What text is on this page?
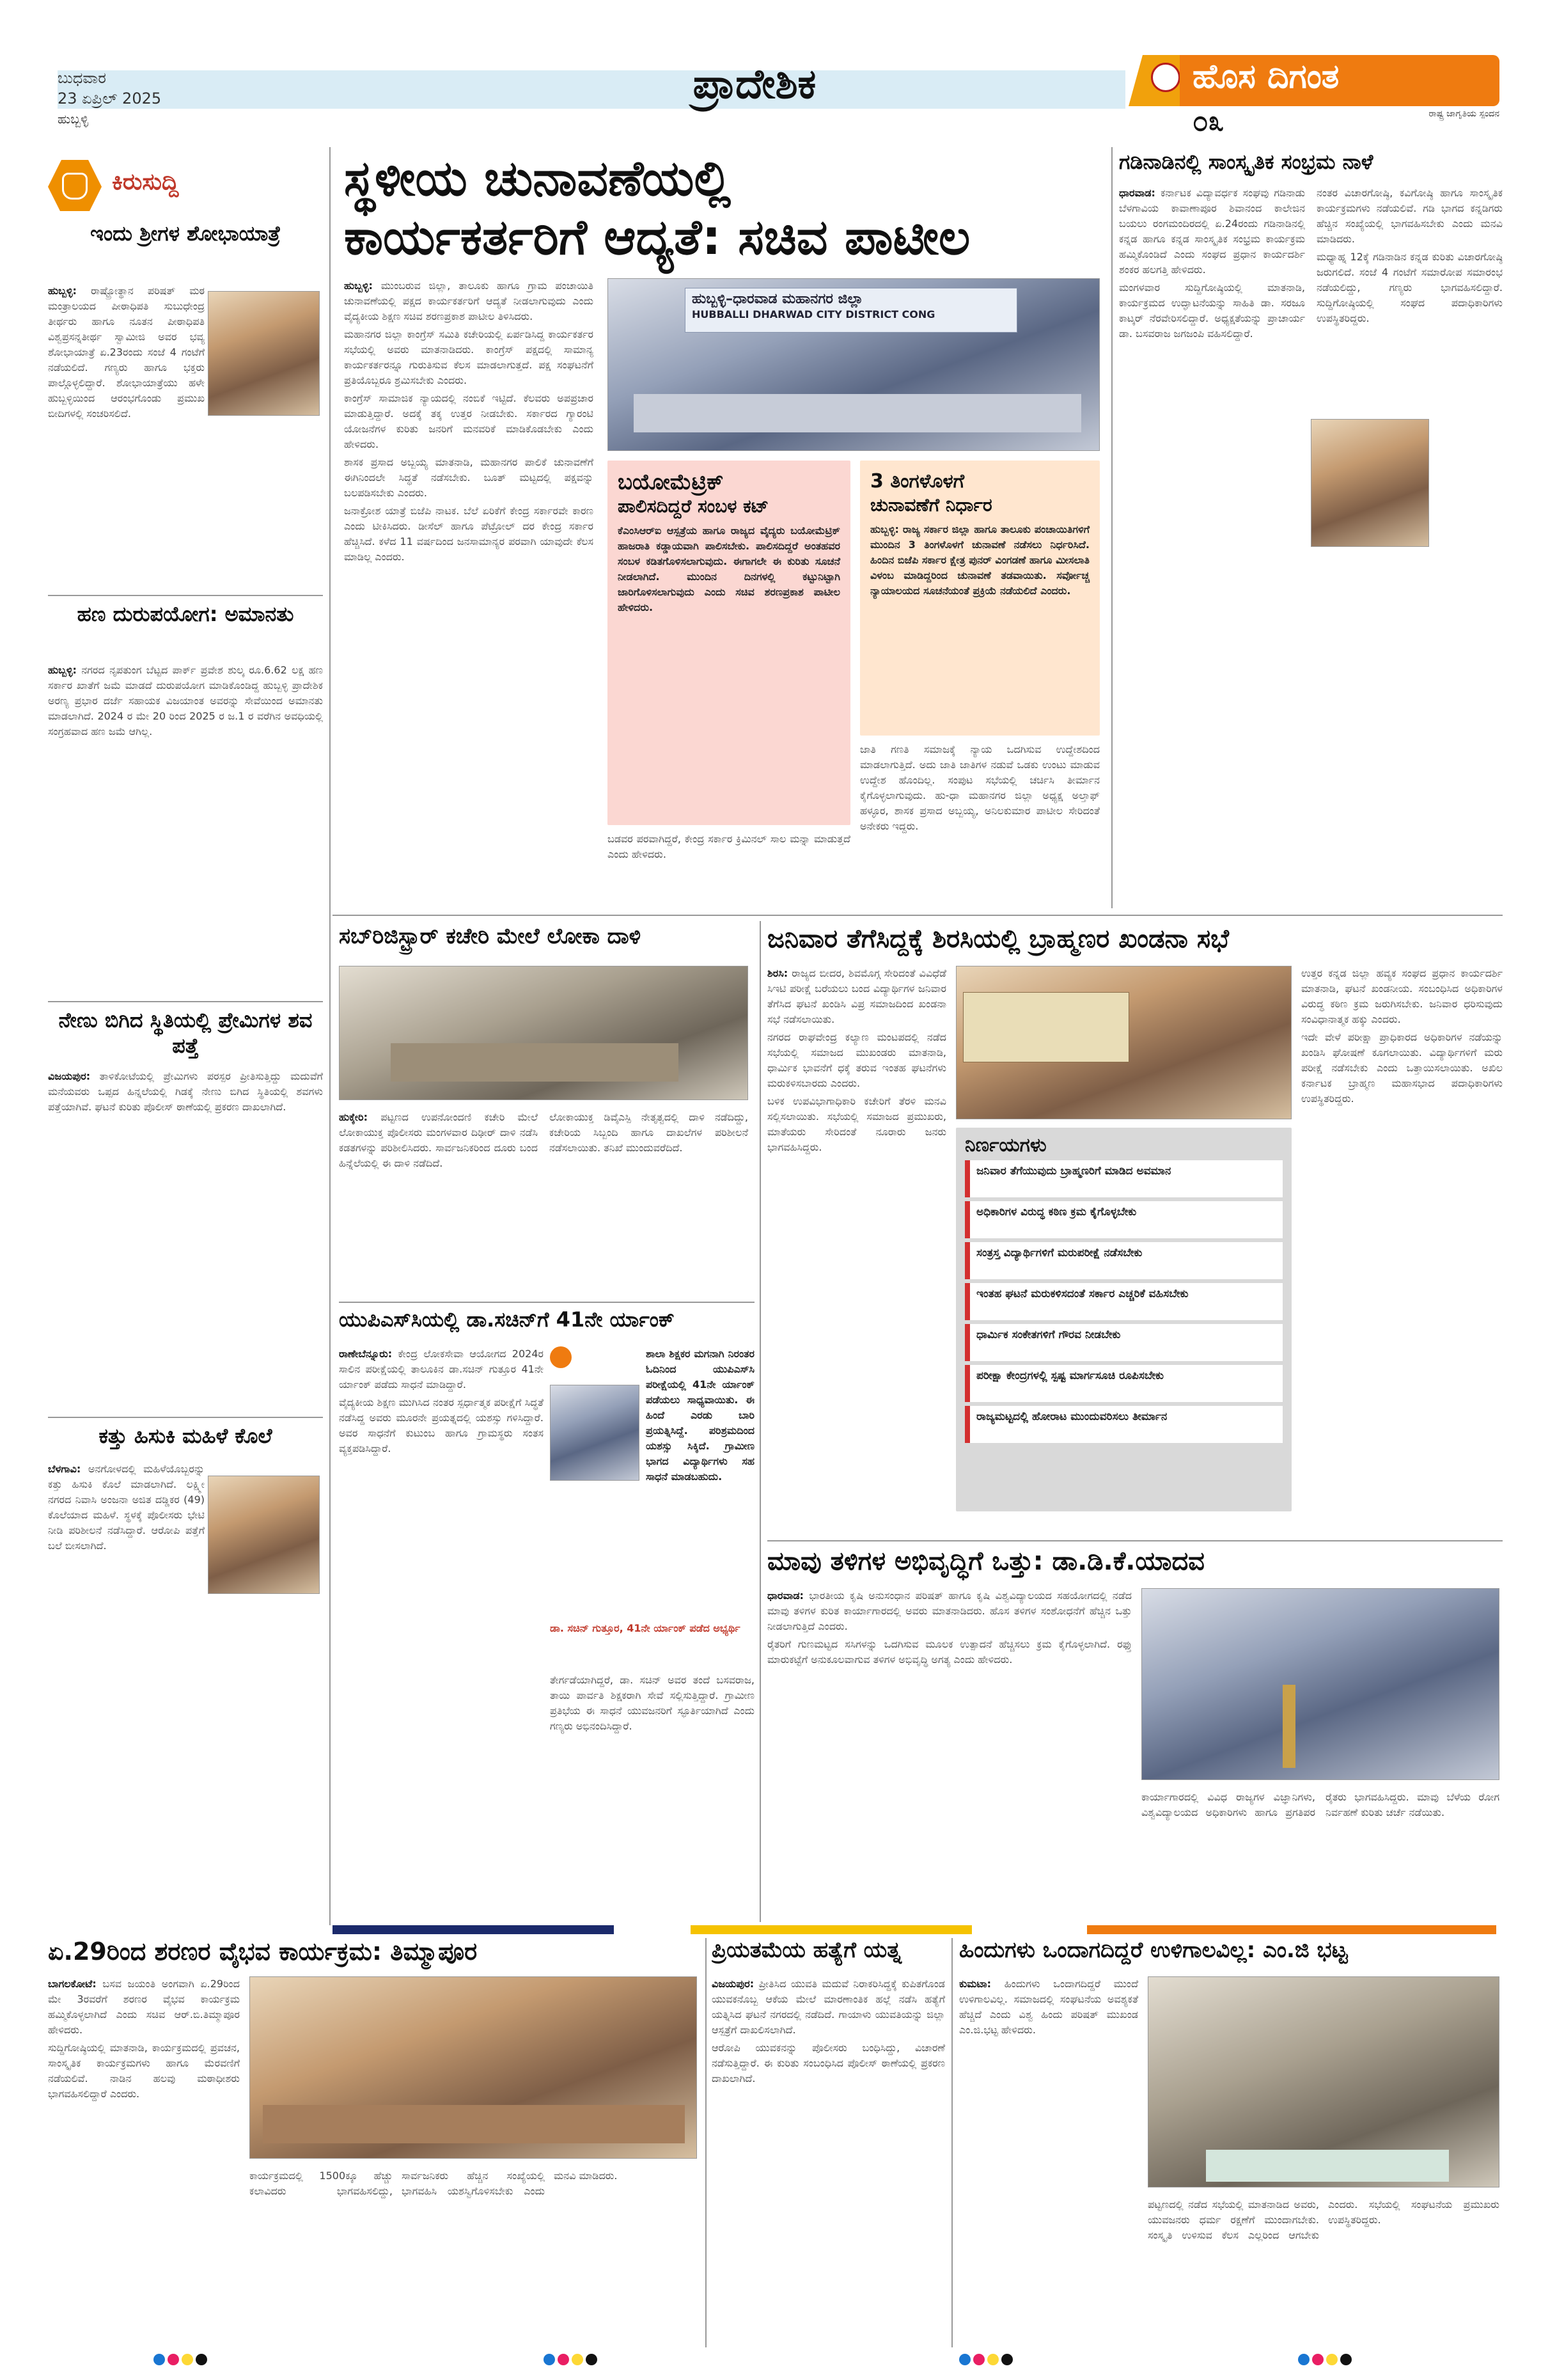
ಬುಧವಾರ
23 ಏಪ್ರಿಲ್ 2025
ಹುಬ್ಬಳ್ಳಿ
ಪ್ರಾದೇಶಿಕ	ಹೊಸ ದಿಗಂತ
ರಾಷ್ಟ್ರ ಜಾಗೃತಿಯ ಸ್ಪಂದನ
೦೩
ಕಿರುಸುದ್ದಿ
ಇಂದು ಶ್ರೀಗಳ ಶೋಭಾಯಾತ್ರೆ
ಹುಬ್ಬಳ್ಳಿ: ರಾಷ್ಟ್ರೋತ್ಥಾನ ಪರಿಷತ್ ಮಠ ಮಂತ್ರಾಲಯದ ಪೀಠಾಧಿಪತಿ ಸುಬುಧೇಂದ್ರ ತೀರ್ಥರು ಹಾಗೂ ನೂತನ ಪೀಠಾಧಿಪತಿ ವಿಶ್ವಪ್ರಸನ್ನತೀರ್ಥ ಸ್ವಾಮೀಜಿ ಅವರ ಭವ್ಯ ಶೋಭಾಯಾತ್ರೆ ಏ.23ರಂದು ಸಂಜೆ 4 ಗಂಟೆಗೆ ನಡೆಯಲಿದೆ. ಗಣ್ಯರು ಹಾಗೂ ಭಕ್ತರು ಪಾಲ್ಗೊಳ್ಳಲಿದ್ದಾರೆ. ಶೋಭಾಯಾತ್ರೆಯು ಹಳೇ ಹುಬ್ಬಳ್ಳಿಯಿಂದ ಆರಂಭಗೊಂಡು ಪ್ರಮುಖ ಬೀದಿಗಳಲ್ಲಿ ಸಂಚರಿಸಲಿದೆ.
ಹಣ ದುರುಪಯೋಗ: ಅಮಾನತು
ಹುಬ್ಬಳ್ಳಿ: ನಗರದ ನೃಪತುಂಗ ಬೆಟ್ಟದ ಪಾರ್ಕ್ ಪ್ರವೇಶ ಶುಲ್ಕ ರೂ.6.62 ಲಕ್ಷ ಹಣ ಸರ್ಕಾರ ಖಾತೆಗೆ ಜಮೆ ಮಾಡದೆ ದುರುಪಯೋಗ ಮಾಡಿಕೊಂಡಿದ್ದ ಹುಬ್ಬಳ್ಳಿ ಪ್ರಾದೇಶಿಕ ಅರಣ್ಯ ಪ್ರಭಾರ ದರ್ಜೆ ಸಹಾಯಕ ವಿಜಯಾಂತ ಅವರನ್ನು ಸೇವೆಯಿಂದ ಅಮಾನತು ಮಾಡಲಾಗಿದೆ. 2024 ರ ಮೇ 20 ರಿಂದ 2025 ರ ಜ.1 ರ ವರೆಗಿನ ಅವಧಿಯಲ್ಲಿ ಸಂಗ್ರಹವಾದ ಹಣ ಜಮೆ ಆಗಿಲ್ಲ.
ನೇಣು ಬಿಗಿದ ಸ್ಥಿತಿಯಲ್ಲಿ ಪ್ರೇಮಿಗಳ ಶವ ಪತ್ತೆ
ವಿಜಯಪುರ: ತಾಳಿಕೋಟೆಯಲ್ಲಿ ಪ್ರೇಮಿಗಳು ಪರಸ್ಪರ ಪ್ರೀತಿಸುತ್ತಿದ್ದು ಮದುವೆಗೆ ಮನೆಯವರು ಒಪ್ಪದ ಹಿನ್ನಲೆಯಲ್ಲಿ ಗಿಡಕ್ಕೆ ನೇಣು ಬಿಗಿದ ಸ್ಥಿತಿಯಲ್ಲಿ ಶವಗಳು ಪತ್ತೆಯಾಗಿವೆ. ಘಟನೆ ಕುರಿತು ಪೊಲೀಸ್ ಠಾಣೆಯಲ್ಲಿ ಪ್ರಕರಣ ದಾಖಲಾಗಿದೆ.
ಕತ್ತು ಹಿಸುಕಿ ಮಹಿಳೆ ಕೊಲೆ
ಬೆಳಗಾವಿ: ಅನಗೋಳದಲ್ಲಿ ಮಹಿಳೆಯೊಬ್ಬರನ್ನು ಕತ್ತು ಹಿಸುಕಿ ಕೊಲೆ ಮಾಡಲಾಗಿದೆ. ಲಕ್ಷ್ಮೀ ನಗರದ ನಿವಾಸಿ ಅಂಜನಾ ಅಜಿತ ದಡ್ಡಿಕರ (49) ಕೊಲೆಯಾದ ಮಹಿಳೆ. ಸ್ಥಳಕ್ಕೆ ಪೊಲೀಸರು ಭೇಟಿ ನೀಡಿ ಪರಿಶೀಲನೆ ನಡೆಸಿದ್ದಾರೆ. ಆರೋಪಿ ಪತ್ತೆಗೆ ಬಲೆ ಬೀಸಲಾಗಿದೆ.
ಸ್ಥಳೀಯ ಚುನಾವಣೆಯಲ್ಲಿ
ಕಾರ್ಯಕರ್ತರಿಗೆ ಆದ್ಯತೆ: ಸಚಿವ ಪಾಟೀಲ

ಹುಬ್ಬಳ್ಳಿ: ಮುಂಬರುವ ಜಿಲ್ಲಾ, ತಾಲೂಕು ಹಾಗೂ ಗ್ರಾಮ ಪಂಚಾಯಿತಿ ಚುನಾವಣೆಯಲ್ಲಿ ಪಕ್ಷದ ಕಾರ್ಯಕರ್ತರಿಗೆ ಆದ್ಯತೆ ನೀಡಲಾಗುವುದು ಎಂದು ವೈದ್ಯಕೀಯ ಶಿಕ್ಷಣ ಸಚಿವ ಶರಣಪ್ರಕಾಶ ಪಾಟೀಲ ತಿಳಿಸಿದರು.

ಮಹಾನಗರ ಜಿಲ್ಲಾ ಕಾಂಗ್ರೆಸ್ ಸಮಿತಿ ಕಚೇರಿಯಲ್ಲಿ ಏರ್ಪಡಿಸಿದ್ದ ಕಾರ್ಯಕರ್ತರ ಸಭೆಯಲ್ಲಿ ಅವರು ಮಾತನಾಡಿದರು. ಕಾಂಗ್ರೆಸ್ ಪಕ್ಷದಲ್ಲಿ ಸಾಮಾನ್ಯ ಕಾರ್ಯಕರ್ತರನ್ನೂ ಗುರುತಿಸುವ ಕೆಲಸ ಮಾಡಲಾಗುತ್ತದೆ. ಪಕ್ಷ ಸಂಘಟನೆಗೆ ಪ್ರತಿಯೊಬ್ಬರೂ ಶ್ರಮಿಸಬೇಕು ಎಂದರು.

ಕಾಂಗ್ರೆಸ್ ಸಾಮಾಜಿಕ ನ್ಯಾಯದಲ್ಲಿ ನಂಬಿಕೆ ಇಟ್ಟಿದೆ. ಕೆಲವರು ಅಪಪ್ರಚಾರ ಮಾಡುತ್ತಿದ್ದಾರೆ. ಅದಕ್ಕೆ ತಕ್ಕ ಉತ್ತರ ನೀಡಬೇಕು. ಸರ್ಕಾರದ ಗ್ಯಾರಂಟಿ ಯೋಜನೆಗಳ ಕುರಿತು ಜನರಿಗೆ ಮನವರಿಕೆ ಮಾಡಿಕೊಡಬೇಕು ಎಂದು ಹೇಳಿದರು.

ಶಾಸಕ ಪ್ರಸಾದ ಅಬ್ಬಯ್ಯ ಮಾತನಾಡಿ, ಮಹಾನಗರ ಪಾಲಿಕೆ ಚುನಾವಣೆಗೆ ಈಗಿನಿಂದಲೇ ಸಿದ್ಧತೆ ನಡೆಸಬೇಕು. ಬೂತ್ ಮಟ್ಟದಲ್ಲಿ ಪಕ್ಷವನ್ನು ಬಲಪಡಿಸಬೇಕು ಎಂದರು.

ಜನಾಕ್ರೋಶ ಯಾತ್ರೆ ಬಿಜೆಪಿ ನಾಟಕ. ಬೆಲೆ ಏರಿಕೆಗೆ ಕೇಂದ್ರ ಸರ್ಕಾರವೇ ಕಾರಣ ಎಂದು ಟೀಕಿಸಿದರು. ಡೀಸೆಲ್ ಹಾಗೂ ಪೆಟ್ರೋಲ್ ದರ ಕೇಂದ್ರ ಸರ್ಕಾರ ಹೆಚ್ಚಿಸಿದೆ. ಕಳೆದ 11 ವರ್ಷದಿಂದ ಜನಸಾಮಾನ್ಯರ ಪರವಾಗಿ ಯಾವುದೇ ಕೆಲಸ ಮಾಡಿಲ್ಲ ಎಂದರು.

ಹುಬ್ಬಳ್ಳಿ–ಧಾರವಾಡ ಮಹಾನಗರ ಜಿಲ್ಲಾ
HUBBALLI DHARWAD CITY DISTRICT CONG
ಬಯೋಮೆಟ್ರಿಕ್
ಪಾಲಿಸದಿದ್ದರೆ ಸಂಬಳ ಕಟ್
ಕೆಎಂಸಿಆರ್‌ಐ ಆಸ್ಪತ್ರೆಯ ಹಾಗೂ ರಾಜ್ಯದ ವೈದ್ಯರು ಬಯೋಮೆಟ್ರಿಕ್ ಹಾಜರಾತಿ ಕಡ್ಡಾಯವಾಗಿ ಪಾಲಿಸಬೇಕು. ಪಾಲಿಸದಿದ್ದರೆ ಅಂತಹವರ ಸಂಬಳ ಕಡಿತಗೊಳಿಸಲಾಗುವುದು. ಈಗಾಗಲೇ ಈ ಕುರಿತು ಸೂಚನೆ ನೀಡಲಾಗಿದೆ. ಮುಂದಿನ ದಿನಗಳಲ್ಲಿ ಕಟ್ಟುನಿಟ್ಟಾಗಿ ಜಾರಿಗೊಳಿಸಲಾಗುವುದು ಎಂದು ಸಚಿವ ಶರಣಪ್ರಕಾಶ ಪಾಟೀಲ ಹೇಳಿದರು.
3 ತಿಂಗಳೊಳಗೆ
ಚುನಾವಣೆಗೆ ನಿರ್ಧಾರ
ಹುಬ್ಬಳ್ಳಿ: ರಾಜ್ಯ ಸರ್ಕಾರ ಜಿಲ್ಲಾ ಹಾಗೂ ತಾಲೂಕು ಪಂಚಾಯಿತಿಗಳಿಗೆ ಮುಂದಿನ 3 ತಿಂಗಳೊಳಗೆ ಚುನಾವಣೆ ನಡೆಸಲು ನಿರ್ಧರಿಸಿದೆ. ಹಿಂದಿನ ಬಿಜೆಪಿ ಸರ್ಕಾರ ಕ್ಷೇತ್ರ ಪುನರ್ ವಿಂಗಡಣೆ ಹಾಗೂ ಮೀಸಲಾತಿ ವಿಳಂಬ ಮಾಡಿದ್ದರಿಂದ ಚುನಾವಣೆ ತಡವಾಯಿತು. ಸರ್ವೋಚ್ಚ ನ್ಯಾಯಾಲಯದ ಸೂಚನೆಯಂತೆ ಪ್ರಕ್ರಿಯೆ ನಡೆಯಲಿದೆ ಎಂದರು.
ಜಾತಿ ಗಣತಿ ಸಮಾಜಕ್ಕೆ ನ್ಯಾಯ ಒದಗಿಸುವ ಉದ್ದೇಶದಿಂದ ಮಾಡಲಾಗುತ್ತಿದೆ. ಅದು ಜಾತಿ ಜಾತಿಗಳ ನಡುವೆ ಒಡಕು ಉಂಟು ಮಾಡುವ ಉದ್ದೇಶ ಹೊಂದಿಲ್ಲ. ಸಂಪುಟ ಸಭೆಯಲ್ಲಿ ಚರ್ಚಿಸಿ ತೀರ್ಮಾನ ಕೈಗೊಳ್ಳಲಾಗುವುದು. ಹು-ಧಾ ಮಹಾನಗರ ಜಿಲ್ಲಾ ಅಧ್ಯಕ್ಷ ಅಲ್ತಾಫ್ ಹಳ್ಳೂರ, ಶಾಸಕ ಪ್ರಸಾದ ಅಬ್ಬಯ್ಯ, ಅನಿಲಕುಮಾರ ಪಾಟೀಲ ಸೇರಿದಂತೆ ಅನೇಕರು ಇದ್ದರು.
ಬಡವರ ಪರವಾಗಿದ್ದರೆ, ಕೇಂದ್ರ ಸರ್ಕಾರ ಕ್ರಿಮಿನಲ್ ಸಾಲ ಮನ್ನಾ ಮಾಡುತ್ತದೆ ಎಂದು ಹೇಳಿದರು.
ಗಡಿನಾಡಿನಲ್ಲಿ ಸಾಂಸ್ಕೃತಿಕ ಸಂಭ್ರಮ ನಾಳೆ

ಧಾರವಾಡ: ಕರ್ನಾಟಕ ವಿದ್ಯಾವರ್ಧಕ ಸಂಘವು ಗಡಿನಾಡು ಬೆಳಗಾವಿಯ ಕಾವಾಣಾಪೂರ ಶಿವಾನಂದ ಕಾಲೇಜಿನ ಬಯಲು ರಂಗಮಂದಿರದಲ್ಲಿ ಏ.24ರಂದು ಗಡಿನಾಡಿನಲ್ಲಿ ಕನ್ನಡ ಹಾಗೂ ಕನ್ನಡ ಸಾಂಸ್ಕೃತಿಕ ಸಂಭ್ರಮ ಕಾರ್ಯಕ್ರಮ ಹಮ್ಮಿಕೊಂಡಿದೆ ಎಂದು ಸಂಘದ ಪ್ರಧಾನ ಕಾರ್ಯದರ್ಶಿ ಶಂಕರ ಹಲಗತ್ತಿ ಹೇಳಿದರು.

ಮಂಗಳವಾರ ಸುದ್ದಿಗೋಷ್ಠಿಯಲ್ಲಿ ಮಾತನಾಡಿ, ಕಾರ್ಯಕ್ರಮದ ಉದ್ಘಾಟನೆಯನ್ನು ಸಾಹಿತಿ ಡಾ. ಸರಜೂ ಕಾಟ್ಕರ್ ನೆರವೇರಿಸಲಿದ್ದಾರೆ. ಅಧ್ಯಕ್ಷತೆಯನ್ನು ಪ್ರಾಚಾರ್ಯ ಡಾ. ಬಸವರಾಜ ಜಗಜಂಪಿ ವಹಿಸಲಿದ್ದಾರೆ.

ನಂತರ ವಿಚಾರಗೋಷ್ಠಿ, ಕವಿಗೋಷ್ಠಿ ಹಾಗೂ ಸಾಂಸ್ಕೃತಿಕ ಕಾರ್ಯಕ್ರಮಗಳು ನಡೆಯಲಿವೆ. ಗಡಿ ಭಾಗದ ಕನ್ನಡಿಗರು ಹೆಚ್ಚಿನ ಸಂಖ್ಯೆಯಲ್ಲಿ ಭಾಗವಹಿಸಬೇಕು ಎಂದು ಮನವಿ ಮಾಡಿದರು.

ಮಧ್ಯಾಹ್ನ 12ಕ್ಕೆ ಗಡಿನಾಡಿನ ಕನ್ನಡ ಕುರಿತು ವಿಚಾರಗೋಷ್ಠಿ ಜರುಗಲಿದೆ. ಸಂಜೆ 4 ಗಂಟೆಗೆ ಸಮಾರೋಪ ಸಮಾರಂಭ ನಡೆಯಲಿದ್ದು, ಗಣ್ಯರು ಭಾಗವಹಿಸಲಿದ್ದಾರೆ. ಸುದ್ದಿಗೋಷ್ಠಿಯಲ್ಲಿ ಸಂಘದ ಪದಾಧಿಕಾರಿಗಳು ಉಪಸ್ಥಿತರಿದ್ದರು.

ಸಬ್‌ರಿಜಿಸ್ಟ್ರಾರ್ ಕಚೇರಿ ಮೇಲೆ ಲೋಕಾ ದಾಳಿ

ಹುಕ್ಕೇರಿ: ಪಟ್ಟಣದ ಉಪನೋಂದಣಿ ಕಚೇರಿ ಮೇಲೆ ಲೋಕಾಯುಕ್ತ ಪೊಲೀಸರು ಮಂಗಳವಾರ ದಿಢೀರ್ ದಾಳಿ ನಡೆಸಿ ಕಡತಗಳನ್ನು ಪರಿಶೀಲಿಸಿದರು. ಸಾರ್ವಜನಿಕರಿಂದ ದೂರು ಬಂದ ಹಿನ್ನೆಲೆಯಲ್ಲಿ ಈ ದಾಳಿ ನಡೆದಿದೆ.

ಲೋಕಾಯುಕ್ತ ಡಿವೈಎಸ್ಪಿ ನೇತೃತ್ವದಲ್ಲಿ ದಾಳಿ ನಡೆದಿದ್ದು, ಕಚೇರಿಯ ಸಿಬ್ಬಂದಿ ಹಾಗೂ ದಾಖಲೆಗಳ ಪರಿಶೀಲನೆ ನಡೆಸಲಾಯಿತು. ತನಿಖೆ ಮುಂದುವರೆದಿದೆ.

ಯುಪಿಎಸ್‌ಸಿಯಲ್ಲಿ ಡಾ.ಸಚಿನ್‌ಗೆ 41ನೇ ರ್ಯಾಂಕ್

ರಾಣೇಬೆನ್ನೂರು: ಕೇಂದ್ರ ಲೋಕಸೇವಾ ಆಯೋಗದ 2024ರ ಸಾಲಿನ ಪರೀಕ್ಷೆಯಲ್ಲಿ ತಾಲೂಕಿನ ಡಾ.ಸಚಿನ್ ಗುತ್ತೂರ 41ನೇ ರ್ಯಾಂಕ್ ಪಡೆದು ಸಾಧನೆ ಮಾಡಿದ್ದಾರೆ.

ವೈದ್ಯಕೀಯ ಶಿಕ್ಷಣ ಮುಗಿಸಿದ ನಂತರ ಸ್ಪರ್ಧಾತ್ಮಕ ಪರೀಕ್ಷೆಗೆ ಸಿದ್ಧತೆ ನಡೆಸಿದ್ದ ಅವರು ಮೂರನೇ ಪ್ರಯತ್ನದಲ್ಲಿ ಯಶಸ್ಸು ಗಳಿಸಿದ್ದಾರೆ. ಅವರ ಸಾಧನೆಗೆ ಕುಟುಂಬ ಹಾಗೂ ಗ್ರಾಮಸ್ಥರು ಸಂತಸ ವ್ಯಕ್ತಪಡಿಸಿದ್ದಾರೆ.

ಶಾಲಾ ಶಿಕ್ಷಕರ ಮಗನಾಗಿ ನಿರಂತರ ಓದಿನಿಂದ ಯುಪಿಎಸ್‌ಸಿ ಪರೀಕ್ಷೆಯಲ್ಲಿ 41ನೇ ರ್ಯಾಂಕ್ ಪಡೆಯಲು ಸಾಧ್ಯವಾಯಿತು. ಈ ಹಿಂದೆ ಎರಡು ಬಾರಿ ಪ್ರಯತ್ನಿಸಿದ್ದೆ. ಪರಿಶ್ರಮದಿಂದ ಯಶಸ್ಸು ಸಿಕ್ಕಿದೆ. ಗ್ರಾಮೀಣ ಭಾಗದ ವಿದ್ಯಾರ್ಥಿಗಳು ಸಹ ಸಾಧನೆ ಮಾಡಬಹುದು.
ಡಾ. ಸಚಿನ್ ಗುತ್ತೂರ, 41ನೇ ರ್ಯಾಂಕ್ ಪಡೆದ ಅಭ್ಯರ್ಥಿ
ತೇರ್ಗಡೆಯಾಗಿದ್ದರೆ, ಡಾ. ಸಚಿನ್ ಅವರ ತಂದೆ ಬಸವರಾಜ, ತಾಯಿ ಪಾರ್ವತಿ ಶಿಕ್ಷಕರಾಗಿ ಸೇವೆ ಸಲ್ಲಿಸುತ್ತಿದ್ದಾರೆ. ಗ್ರಾಮೀಣ ಪ್ರತಿಭೆಯ ಈ ಸಾಧನೆ ಯುವಜನರಿಗೆ ಸ್ಫೂರ್ತಿಯಾಗಿದೆ ಎಂದು ಗಣ್ಯರು ಅಭಿನಂದಿಸಿದ್ದಾರೆ.
ಜನಿವಾರ ತೆಗೆಸಿದ್ದಕ್ಕೆ ಶಿರಸಿಯಲ್ಲಿ ಬ್ರಾಹ್ಮಣರ ಖಂಡನಾ ಸಭೆ

ಶಿರಸಿ: ರಾಜ್ಯದ ಬೀದರ, ಶಿವಮೊಗ್ಗ ಸೇರಿದಂತೆ ವಿವಿಧೆಡೆ ಸಿಇಟಿ ಪರೀಕ್ಷೆ ಬರೆಯಲು ಬಂದ ವಿದ್ಯಾರ್ಥಿಗಳ ಜನಿವಾರ ತೆಗೆಸಿದ ಘಟನೆ ಖಂಡಿಸಿ ವಿಪ್ರ ಸಮಾಜದಿಂದ ಖಂಡನಾ ಸಭೆ ನಡೆಸಲಾಯಿತು.

ನಗರದ ರಾಘವೇಂದ್ರ ಕಲ್ಯಾಣ ಮಂಟಪದಲ್ಲಿ ನಡೆದ ಸಭೆಯಲ್ಲಿ ಸಮಾಜದ ಮುಖಂಡರು ಮಾತನಾಡಿ, ಧಾರ್ಮಿಕ ಭಾವನೆಗೆ ಧಕ್ಕೆ ತರುವ ಇಂತಹ ಘಟನೆಗಳು ಮರುಕಳಿಸಬಾರದು ಎಂದರು.

ಬಳಿಕ ಉಪವಿಭಾಗಾಧಿಕಾರಿ ಕಚೇರಿಗೆ ತೆರಳಿ ಮನವಿ ಸಲ್ಲಿಸಲಾಯಿತು. ಸಭೆಯಲ್ಲಿ ಸಮಾಜದ ಪ್ರಮುಖರು, ಮಾತೆಯರು ಸೇರಿದಂತೆ ನೂರಾರು ಜನರು ಭಾಗವಹಿಸಿದ್ದರು.	ನಿರ್ಣಯಗಳು
ಜನಿವಾರ ತೆಗೆಯುವುದು ಬ್ರಾಹ್ಮಣರಿಗೆ ಮಾಡಿದ ಅವಮಾನ
ಅಧಿಕಾರಿಗಳ ವಿರುದ್ಧ ಕಠಿಣ ಕ್ರಮ ಕೈಗೊಳ್ಳಬೇಕು
ಸಂತ್ರಸ್ತ ವಿದ್ಯಾರ್ಥಿಗಳಿಗೆ ಮರುಪರೀಕ್ಷೆ ನಡೆಸಬೇಕು
ಇಂತಹ ಘಟನೆ ಮರುಕಳಿಸದಂತೆ ಸರ್ಕಾರ ಎಚ್ಚರಿಕೆ ವಹಿಸಬೇಕು
ಧಾರ್ಮಿಕ ಸಂಕೇತಗಳಿಗೆ ಗೌರವ ನೀಡಬೇಕು
ಪರೀಕ್ಷಾ ಕೇಂದ್ರಗಳಲ್ಲಿ ಸ್ಪಷ್ಟ ಮಾರ್ಗಸೂಚಿ ರೂಪಿಸಬೇಕು
ರಾಜ್ಯಮಟ್ಟದಲ್ಲಿ ಹೋರಾಟ ಮುಂದುವರಿಸಲು ತೀರ್ಮಾನ

ಉತ್ತರ ಕನ್ನಡ ಜಿಲ್ಲಾ ಹವ್ಯಕ ಸಂಘದ ಪ್ರಧಾನ ಕಾರ್ಯದರ್ಶಿ ಮಾತನಾಡಿ, ಘಟನೆ ಖಂಡನೀಯ. ಸಂಬಂಧಿಸಿದ ಅಧಿಕಾರಿಗಳ ವಿರುದ್ಧ ಕಠಿಣ ಕ್ರಮ ಜರುಗಿಸಬೇಕು. ಜನಿವಾರ ಧರಿಸುವುದು ಸಂವಿಧಾನಾತ್ಮಕ ಹಕ್ಕು ಎಂದರು.

ಇದೇ ವೇಳೆ ಪರೀಕ್ಷಾ ಪ್ರಾಧಿಕಾರದ ಅಧಿಕಾರಿಗಳ ನಡೆಯನ್ನು ಖಂಡಿಸಿ ಘೋಷಣೆ ಕೂಗಲಾಯಿತು. ವಿದ್ಯಾರ್ಥಿಗಳಿಗೆ ಮರು ಪರೀಕ್ಷೆ ನಡೆಸಬೇಕು ಎಂದು ಒತ್ತಾಯಿಸಲಾಯಿತು. ಅಖಿಲ ಕರ್ನಾಟಕ ಬ್ರಾಹ್ಮಣ ಮಹಾಸಭಾದ ಪದಾಧಿಕಾರಿಗಳು ಉಪಸ್ಥಿತರಿದ್ದರು.

ಮಾವು ತಳಿಗಳ ಅಭಿವೃದ್ಧಿಗೆ ಒತ್ತು: ಡಾ.ಡಿ.ಕೆ.ಯಾದವ

ಧಾರವಾಡ: ಭಾರತೀಯ ಕೃಷಿ ಅನುಸಂಧಾನ ಪರಿಷತ್ ಹಾಗೂ ಕೃಷಿ ವಿಶ್ವವಿದ್ಯಾಲಯದ ಸಹಯೋಗದಲ್ಲಿ ನಡೆದ ಮಾವು ತಳಿಗಳ ಕುರಿತ ಕಾರ್ಯಾಗಾರದಲ್ಲಿ ಅವರು ಮಾತನಾಡಿದರು. ಹೊಸ ತಳಿಗಳ ಸಂಶೋಧನೆಗೆ ಹೆಚ್ಚಿನ ಒತ್ತು ನೀಡಲಾಗುತ್ತಿದೆ ಎಂದರು.

ರೈತರಿಗೆ ಗುಣಮಟ್ಟದ ಸಸಿಗಳನ್ನು ಒದಗಿಸುವ ಮೂಲಕ ಉತ್ಪಾದನೆ ಹೆಚ್ಚಿಸಲು ಕ್ರಮ ಕೈಗೊಳ್ಳಲಾಗಿದೆ. ರಫ್ತು ಮಾರುಕಟ್ಟೆಗೆ ಅನುಕೂಲವಾಗುವ ತಳಿಗಳ ಅಭಿವೃದ್ಧಿ ಅಗತ್ಯ ಎಂದು ಹೇಳಿದರು.

ಕಾರ್ಯಾಗಾರದಲ್ಲಿ ವಿವಿಧ ರಾಜ್ಯಗಳ ವಿಜ್ಞಾನಿಗಳು, ವಿಶ್ವವಿದ್ಯಾಲಯದ ಅಧಿಕಾರಿಗಳು ಹಾಗೂ ಪ್ರಗತಿಪರ ರೈತರು ಭಾಗವಹಿಸಿದ್ದರು. ಮಾವು ಬೆಳೆಯ ರೋಗ ನಿರ್ವಹಣೆ ಕುರಿತು ಚರ್ಚೆ ನಡೆಯಿತು.
ಏ.29ರಿಂದ ಶರಣರ ವೈಭವ ಕಾರ್ಯಕ್ರಮ: ತಿಮ್ಮಾಪೂರ

ಬಾಗಲಕೋಟೆ: ಬಸವ ಜಯಂತಿ ಅಂಗವಾಗಿ ಏ.29ರಿಂದ ಮೇ 3ರವರೆಗೆ ಶರಣರ ವೈಭವ ಕಾರ್ಯಕ್ರಮ ಹಮ್ಮಿಕೊಳ್ಳಲಾಗಿದೆ ಎಂದು ಸಚಿವ ಆರ್.ಬಿ.ತಿಮ್ಮಾಪೂರ ಹೇಳಿದರು.

ಸುದ್ದಿಗೋಷ್ಠಿಯಲ್ಲಿ ಮಾತನಾಡಿ, ಕಾರ್ಯಕ್ರಮದಲ್ಲಿ ಪ್ರವಚನ, ಸಾಂಸ್ಕೃತಿಕ ಕಾರ್ಯಕ್ರಮಗಳು ಹಾಗೂ ಮೆರವಣಿಗೆ ನಡೆಯಲಿವೆ. ನಾಡಿನ ಹಲವು ಮಠಾಧೀಶರು ಭಾಗವಹಿಸಲಿದ್ದಾರೆ ಎಂದರು.

ಕಾರ್ಯಕ್ರಮದಲ್ಲಿ 1500ಕ್ಕೂ ಹೆಚ್ಚು ಕಲಾವಿದರು ಭಾಗವಹಿಸಲಿದ್ದು, ಸಾರ್ವಜನಿಕರು ಹೆಚ್ಚಿನ ಸಂಖ್ಯೆಯಲ್ಲಿ ಭಾಗವಹಿಸಿ ಯಶಸ್ವಿಗೊಳಿಸಬೇಕು ಎಂದು ಮನವಿ ಮಾಡಿದರು.
ಪ್ರಿಯತಮೆಯ ಹತ್ಯೆಗೆ ಯತ್ನ

ವಿಜಯಪುರ: ಪ್ರೀತಿಸಿದ ಯುವತಿ ಮದುವೆ ನಿರಾಕರಿಸಿದ್ದಕ್ಕೆ ಕುಪಿತಗೊಂಡ ಯುವಕನೊಬ್ಬ ಆಕೆಯ ಮೇಲೆ ಮಾರಣಾಂತಿಕ ಹಲ್ಲೆ ನಡೆಸಿ ಹತ್ಯೆಗೆ ಯತ್ನಿಸಿದ ಘಟನೆ ನಗರದಲ್ಲಿ ನಡೆದಿದೆ. ಗಾಯಾಳು ಯುವತಿಯನ್ನು ಜಿಲ್ಲಾ ಆಸ್ಪತ್ರೆಗೆ ದಾಖಲಿಸಲಾಗಿದೆ.

ಆರೋಪಿ ಯುವಕನನ್ನು ಪೊಲೀಸರು ಬಂಧಿಸಿದ್ದು, ವಿಚಾರಣೆ ನಡೆಸುತ್ತಿದ್ದಾರೆ. ಈ ಕುರಿತು ಸಂಬಂಧಿಸಿದ ಪೊಲೀಸ್ ಠಾಣೆಯಲ್ಲಿ ಪ್ರಕರಣ ದಾಖಲಾಗಿದೆ.

ಹಿಂದುಗಳು ಒಂದಾಗದಿದ್ದರೆ ಉಳಿಗಾಲವಿಲ್ಲ: ಎಂ.ಜಿ ಭಟ್ಟ

ಕುಮಟಾ: ಹಿಂದುಗಳು ಒಂದಾಗದಿದ್ದರೆ ಮುಂದೆ ಉಳಿಗಾಲವಿಲ್ಲ. ಸಮಾಜದಲ್ಲಿ ಸಂಘಟನೆಯ ಅವಶ್ಯಕತೆ ಹೆಚ್ಚಿದೆ ಎಂದು ವಿಶ್ವ ಹಿಂದು ಪರಿಷತ್ ಮುಖಂಡ ಎಂ.ಜಿ.ಭಟ್ಟ ಹೇಳಿದರು.

ಪಟ್ಟಣದಲ್ಲಿ ನಡೆದ ಸಭೆಯಲ್ಲಿ ಮಾತನಾಡಿದ ಅವರು, ಯುವಜನರು ಧರ್ಮ ರಕ್ಷಣೆಗೆ ಮುಂದಾಗಬೇಕು. ಸಂಸ್ಕೃತಿ ಉಳಿಸುವ ಕೆಲಸ ಎಲ್ಲರಿಂದ ಆಗಬೇಕು ಎಂದರು. ಸಭೆಯಲ್ಲಿ ಸಂಘಟನೆಯ ಪ್ರಮುಖರು ಉಪಸ್ಥಿತರಿದ್ದರು.
